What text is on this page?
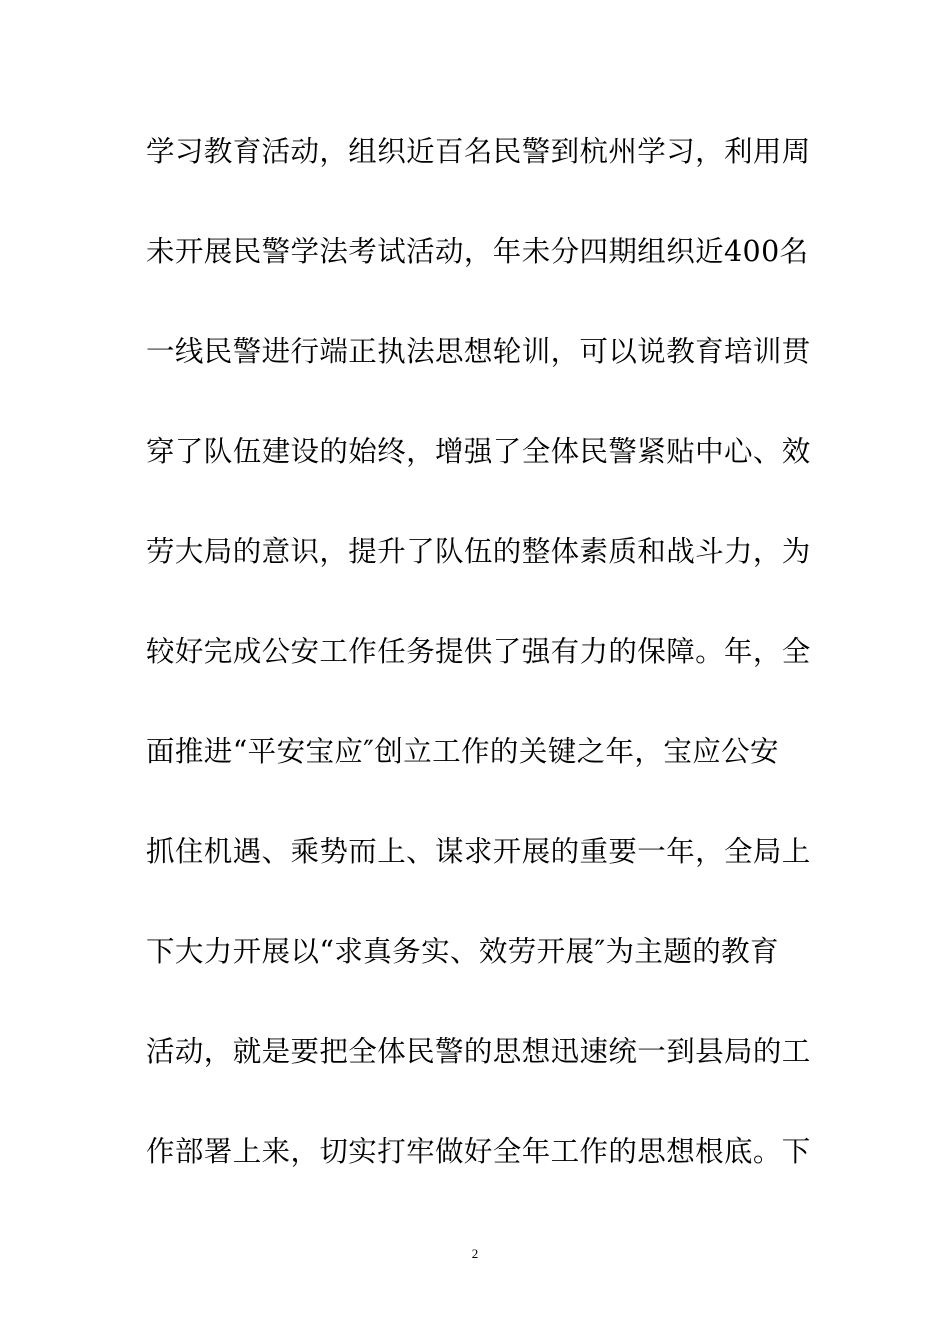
学习教育活动，组织近百名民警到杭州学习，利用周
未开展民警学法考试活动，年未分四期组织近400名
一线民警进行端正执法思想轮训，可以说教育培训贯
穿了队伍建设的始终，增强了全体民警紧贴中心、效
劳大局的意识，提升了队伍的整体素质和战斗力，为
较好完成公安工作任务提供了强有力的保障。年，全
面推进“平安宝应″创立工作的关键之年，宝应公安
抓住机遇、乘势而上、谋求开展的重要一年，全局上
下大力开展以“求真务实、效劳开展″为主题的教育
活动，就是要把全体民警的思想迅速统一到县局的工
作部署上来，切实打牢做好全年工作的思想根底。下
2
